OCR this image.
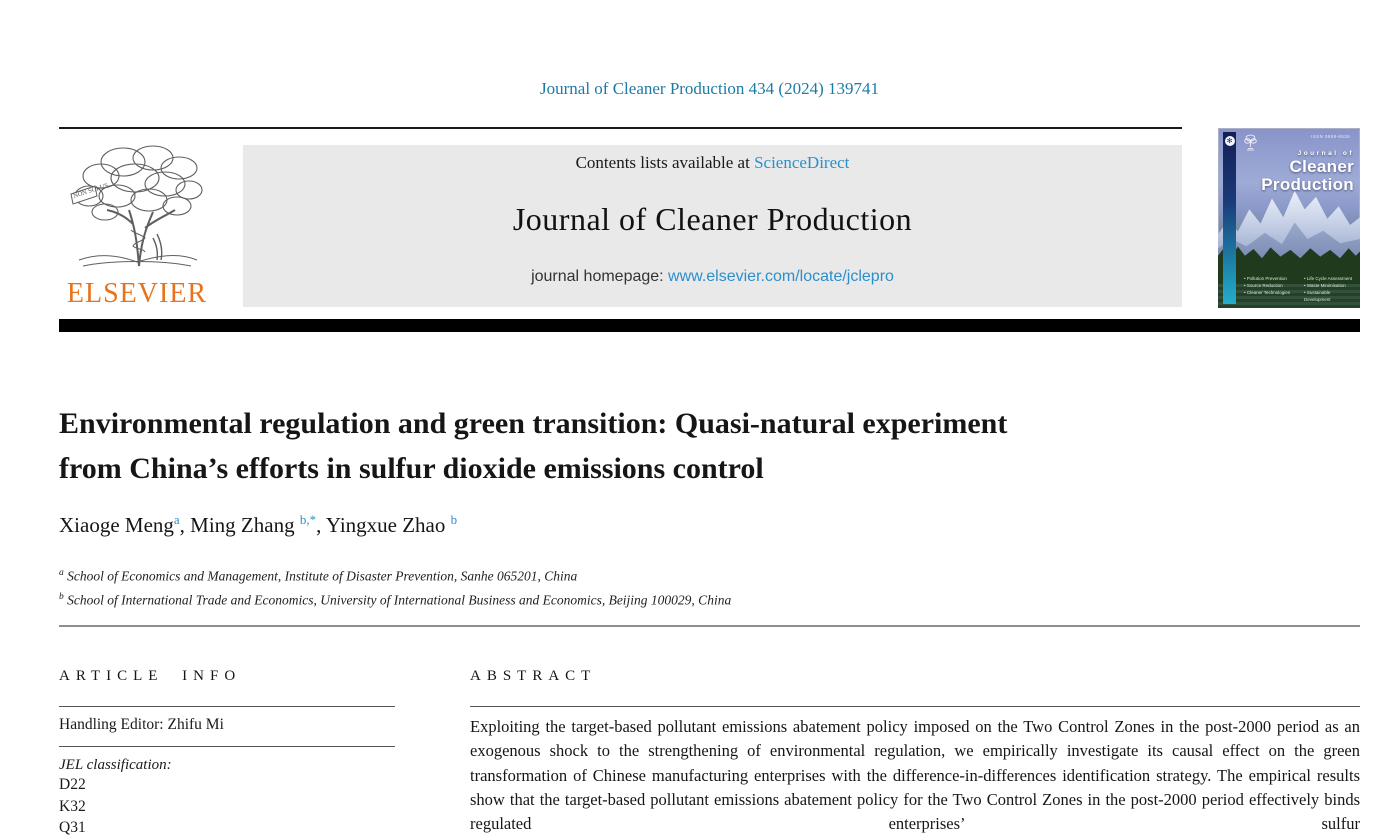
Journal of Cleaner Production 434 (2024) 139741
NON SOLUS
ELSEVIER
Contents lists available at ScienceDirect
Journal of Cleaner Production
journal homepage: www.elsevier.com/locate/jclepro
✻
ISSN 0959-6526
Journal of
Cleaner
Production
• Pollution Prevention
• Source Reduction
• Cleaner Technologies
• Life Cycle Assessment
• Waste Minimisation
• Sustainable Development
Environmental regulation and green transition: Quasi-natural experiment
from China’s efforts in sulfur dioxide emissions control
Xiaoge Meng$^a$, Ming Zhang $^{b,*}$, Yingxue Zhao $^b$
$^a$ School of Economics and Management, Institute of Disaster Prevention, Sanhe 065201, China
$^b$ School of International Trade and Economics, University of International Business and Economics, Beijing 100029, China
ARTICLE INFO
Handling Editor: Zhifu Mi
JEL classification:
D22
K32
Q31
ABSTRACT

Exploiting the target-based pollutant emissions abatement policy imposed on the Two Control Zones in the post-2000 period as an exogenous shock to the strengthening of environmental regulation, we empirically investigate its causal effect on the green transformation of Chinese manufacturing enterprises with the difference-in-differences identification strategy. The empirical results show that the target-based pollutant emissions abatement policy for the Two Control Zones in the post-2000 period effectively binds regulated enterprises’ sulfur
